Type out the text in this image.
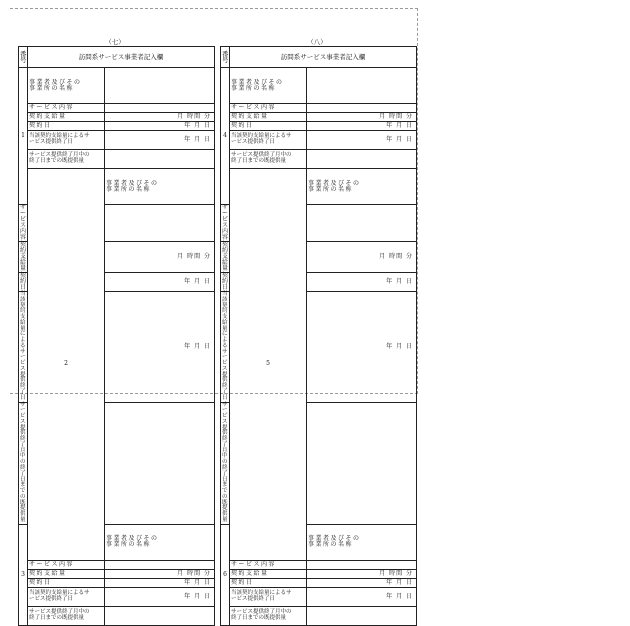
（七）	（八）
番号	訪問系サービス事業者記入欄		
1	事業者及びその
事業所の名称		
	サービス内容		
	契約支給量	月 時間 分	
	契約日	年 月 日	
	当該契約支給量によるサ
ービス提供終了日	年 月 日	
	サービス提供終了月中の
終了日までの既提供量		
	2	事業者及びその
事業所の名称	
サービス内容			
契約支給量		月 時間 分	
契約日		年 月 日	
当該契約支給量によるサ
ービス提供終了日		年 月 日	
サービス提供終了月中の
終了日までの既提供量			
3		事業者及びその
事業所の名称	
	サービス内容		
	契約支給量	月 時間 分	
	契約日	年 月 日	
	当該契約支給量によるサ
ービス提供終了日	年 月 日	
	サービス提供終了月中の
終了日までの既提供量		
番号	訪問系サービス事業者記入欄		
4	事業者及びその
事業所の名称		
	サービス内容		
	契約支給量	月 時間 分	
	契約日	年 月 日	
	当該契約支給量によるサ
ービス提供終了日	年 月 日	
	サービス提供終了月中の
終了日までの既提供量		
	5	事業者及びその
事業所の名称	
サービス内容			
契約支給量		月 時間 分	
契約日		年 月 日	
当該契約支給量によるサ
ービス提供終了日		年 月 日	
サービス提供終了月中の
終了日までの既提供量			
6		事業者及びその
事業所の名称	
	サービス内容		
	契約支給量	月 時間 分	
	契約日	年 月 日	
	当該契約支給量によるサ
ービス提供終了日	年 月 日	
	サービス提供終了月中の
終了日までの既提供量		
